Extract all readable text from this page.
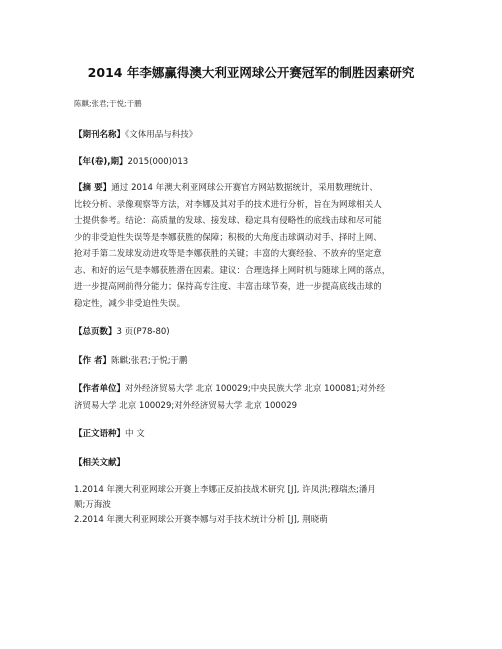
2014 年李娜赢得澳大利亚网球公开赛冠军的制胜因素研究
陈麒;张君;于悦;于鹏
【期刊名称】《文体用品与科技》
【年(卷),期】2015(000)013
【摘 要】通过 2014 年澳大利亚网球公开赛官方网站数据统计，采用数理统计、
比较分析、录像观察等方法，对李娜及其对手的技术进行分析，旨在为网球相关人
士提供参考。结论：高质量的发球、接发球、稳定具有侵略性的底线击球和尽可能
少的非受迫性失误等是李娜获胜的保障；积极的大角度击球调动对手、择时上网、
抢对手第二发球发动进攻等是李娜获胜的关键；丰富的大赛经验、不放弃的坚定意
志、和好的运气是李娜获胜潜在因素。建议：合理选择上网时机与随球上网的落点，
进一步提高网前得分能力；保持高专注度、丰富击球节奏，进一步提高底线击球的
稳定性，减少非受迫性失误。
【总页数】3 页(P78-80)
【作 者】陈麒;张君;于悦;于鹏
【作者单位】对外经济贸易大学 北京 100029;中央民族大学 北京 100081;对外经
济贸易大学 北京 100029;对外经济贸易大学 北京 100029
【正文语种】中 文
【相关文献】
1.2014 年澳大利亚网球公开赛上李娜正反拍技战术研究 [J], 许凤洪;穆瑞杰;潘月
顺;万海波
2.2014 年澳大利亚网球公开赛李娜与对手技术统计分析 [J], 荆晓萌
